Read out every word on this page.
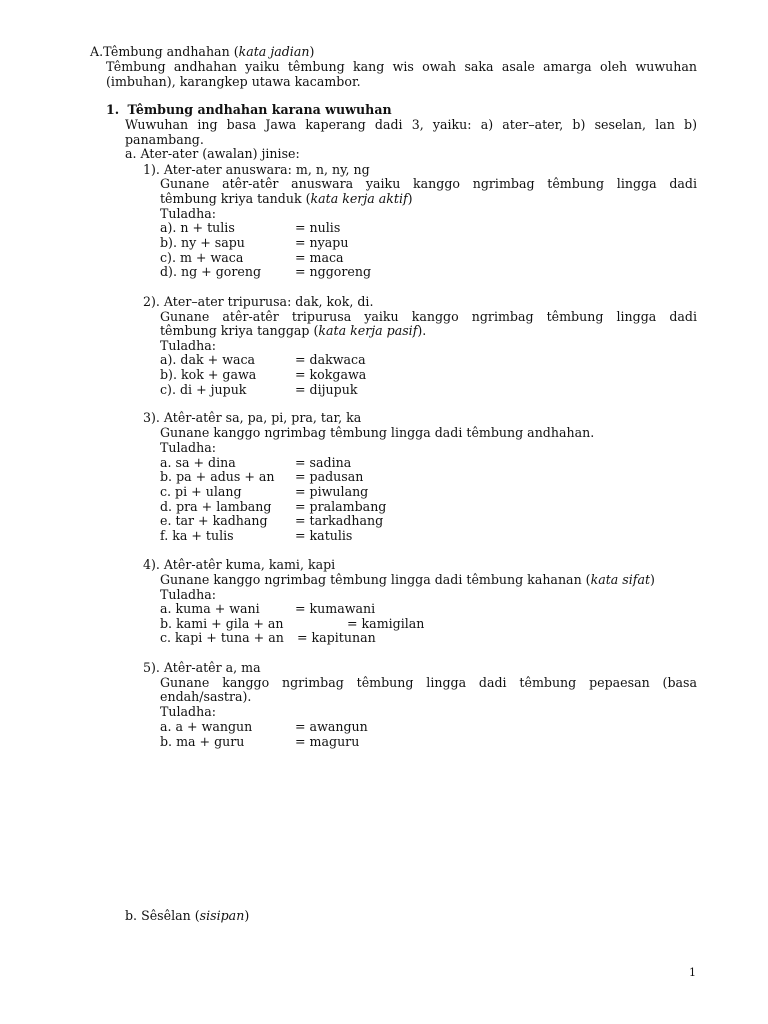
A.Têmbung andhahan (kata jadian)
Têmbung andhahan yaiku têmbung kang wis owah saka asale amarga oleh wuwuhan
(imbuhan), karangkep utawa kacambor.
1. Têmbung andhahan karana wuwuhan
Wuwuhan ing basa Jawa kaperang dadi 3, yaiku: a) ater–ater, b) seselan, lan b)
panambang.
a. Ater-ater (awalan) jinise:
1). Ater-ater anuswara: m, n, ny, ng
Gunane atêr-atêr anuswara yaiku kanggo ngrimbag têmbung lingga dadi
têmbung kriya tanduk (kata kerja aktif)
Tuladha:
a). n + tulis	= nulis
b). ny + sapu	= nyapu
c). m + waca	= maca
d). ng + goreng	= nggoreng
2). Ater–ater tripurusa: dak, kok, di.
Gunane atêr-atêr tripurusa yaiku kanggo ngrimbag têmbung lingga dadi
têmbung kriya tanggap (kata kerja pasif).
Tuladha:
a). dak + waca	= dakwaca
b). kok + gawa	= kokgawa
c). di + jupuk	= dijupuk
3). Atêr-atêr sa, pa, pi, pra, tar, ka
Gunane kanggo ngrimbag têmbung lingga dadi têmbung andhahan.
Tuladha:
a. sa + dina	= sadina
b. pa + adus + an = padusan
c. pi + ulang	= piwulang
d. pra + lambang = pralambang
e. tar + kadhang = tarkadhang
f. ka + tulis	= katulis
4). Atêr-atêr kuma, kami, kapi
Gunane kanggo ngrimbag têmbung lingga dadi têmbung kahanan (kata sifat)
Tuladha:
a. kuma + wani	= kumawani
b. kami + gila + an	= kamigilan
c. kapi + tuna + an = kapitunan
5). Atêr-atêr a, ma
Gunane kanggo ngrimbag têmbung lingga dadi têmbung pepaesan (basa
endah/sastra).
Tuladha:
a. a + wangun	= awangun
b. ma + guru	= maguru
b. Sêsêlan (sisipan)
1
